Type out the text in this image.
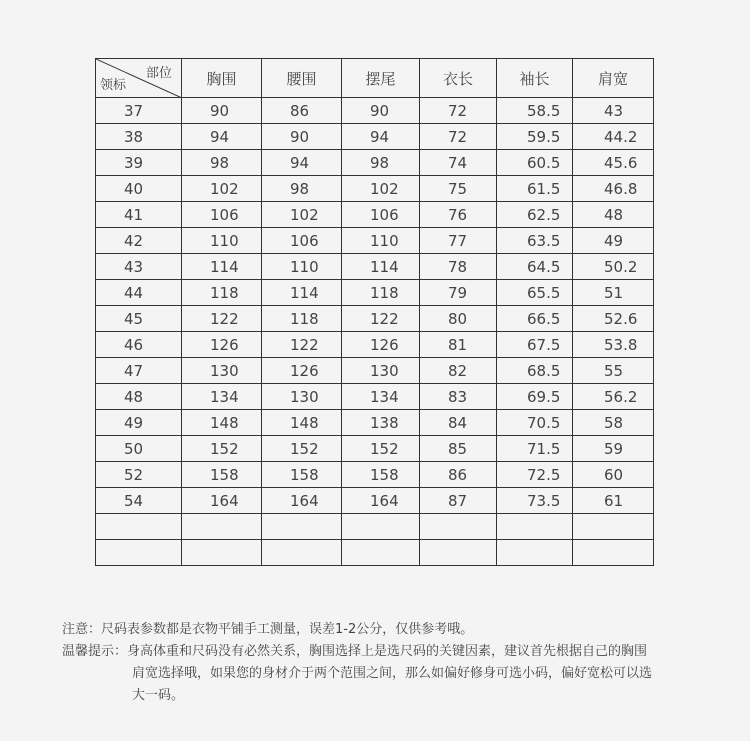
部位
领标	胸围	腰围	摆尾	衣长	袖长	肩宽
37	90	86	90	72	58.5	43
38	94	90	94	72	59.5	44.2
39	98	94	98	74	60.5	45.6
40	102	98	102	75	61.5	46.8
41	106	102	106	76	62.5	48
42	110	106	110	77	63.5	49
43	114	110	114	78	64.5	50.2
44	118	114	118	79	65.5	51
45	122	118	122	80	66.5	52.6
46	126	122	126	81	67.5	53.8
47	130	126	130	82	68.5	55
48	134	130	134	83	69.5	56.2
49	148	148	138	84	70.5	58
50	152	152	152	85	71.5	59
52	158	158	158	86	72.5	60
54	164	164	164	87	73.5	61

注意：尺码表参数都是衣物平铺手工测量，误差1-2公分，仅供参考哦。
温馨提示：身高体重和尺码没有必然关系，胸围选择上是选尺码的关键因素，建议首先根据自己的胸围
肩宽选择哦，如果您的身材介于两个范围之间，那么如偏好修身可选小码，偏好宽松可以选
大一码。
